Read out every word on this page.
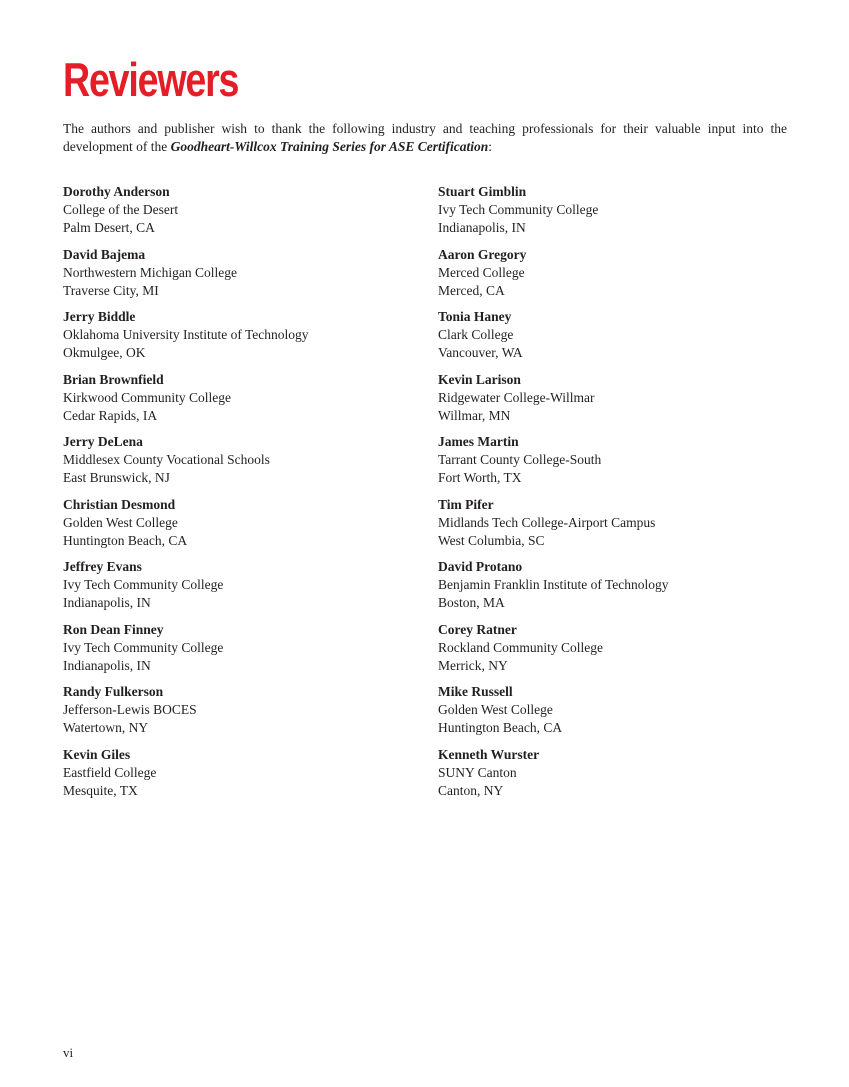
Reviewers

The authors and publisher wish to thank the following industry and teaching professionals for their valuable input into the development of the Goodheart-Willcox Training Series for ASE Certification:

Dorothy Anderson

College of the Desert

Palm Desert, CA

David Bajema

Northwestern Michigan College

Traverse City, MI

Jerry Biddle

Oklahoma University Institute of Technology

Okmulgee, OK

Brian Brownfield

Kirkwood Community College

Cedar Rapids, IA

Jerry DeLena

Middlesex County Vocational Schools

East Brunswick, NJ

Christian Desmond

Golden West College

Huntington Beach, CA

Jeffrey Evans

Ivy Tech Community College

Indianapolis, IN

Ron Dean Finney

Ivy Tech Community College

Indianapolis, IN

Randy Fulkerson

Jefferson-Lewis BOCES

Watertown, NY

Kevin Giles

Eastfield College

Mesquite, TX

Stuart Gimblin

Ivy Tech Community College

Indianapolis, IN

Aaron Gregory

Merced College

Merced, CA

Tonia Haney

Clark College

Vancouver, WA

Kevin Larison

Ridgewater College-Willmar

Willmar, MN

James Martin

Tarrant County College-South

Fort Worth, TX

Tim Pifer

Midlands Tech College-Airport Campus

West Columbia, SC

David Protano

Benjamin Franklin Institute of Technology

Boston, MA

Corey Ratner

Rockland Community College

Merrick, NY

Mike Russell

Golden West College

Huntington Beach, CA

Kenneth Wurster

SUNY Canton

Canton, NY

vi
